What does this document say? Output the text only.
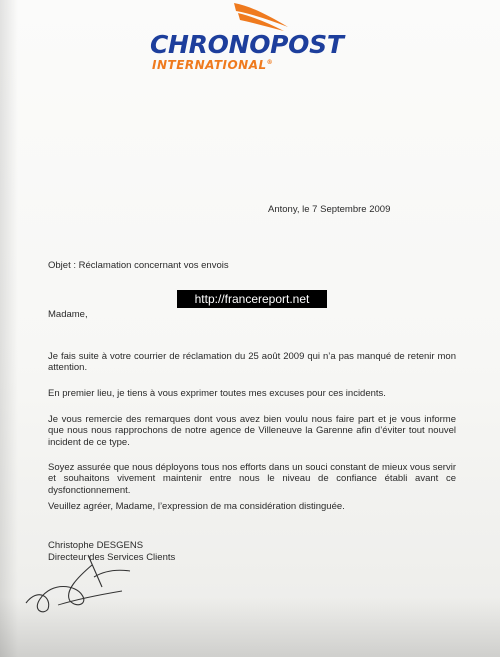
CHRONOPOST
INTERNATIONAL®
Antony, le 7 Septembre 2009
Objet : Réclamation concernant vos envois
http://francereport.net
Madame,
Je fais suite à votre courrier de réclamation du 25 août 2009 qui n’a pas manqué de retenir mon attention.
En premier lieu, je tiens à vous exprimer toutes mes excuses pour ces incidents.
Je vous remercie des remarques dont vous avez bien voulu nous faire part et je vous informe que nous nous rapprochons de notre agence de Villeneuve la Garenne afin d’éviter tout nouvel incident de ce type.
Soyez assurée que nous déployons tous nos efforts dans un souci constant de mieux vous servir et souhaitons vivement maintenir entre nous le niveau de confiance établi avant ce dysfonctionnement.
Veuillez agréer, Madame, l’expression de ma considération distinguée.
Christophe DESGENS
Directeur des Services Clients
